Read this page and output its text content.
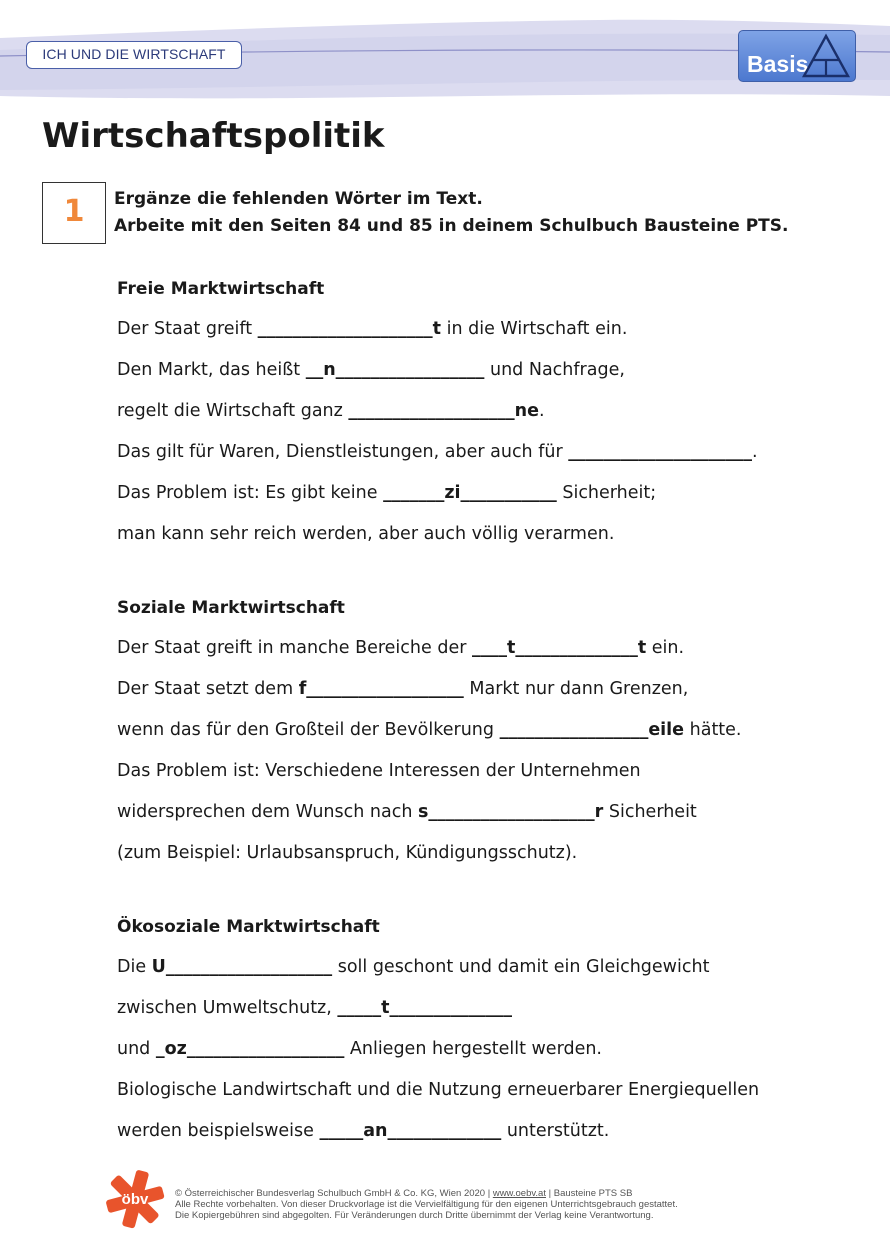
ICH UND DIE WIRTSCHAFT	Basis
Wirtschaftspolitik
1	Ergänze die fehlenden Wörter im Text.
Arbeite mit den Seiten 84 und 85 in deinem Schulbuch Bausteine PTS.
Freie Marktwirtschaft
Der Staat greift ____________________t in die Wirtschaft ein.
Den Markt, das heißt __n_________________ und Nachfrage,
regelt die Wirtschaft ganz ___________________ne.
Das gilt für Waren, Dienstleistungen, aber auch für _____________________.
Das Problem ist: Es gibt keine _______zi___________ Sicherheit;
man kann sehr reich werden, aber auch völlig verarmen.
Soziale Marktwirtschaft
Der Staat greift in manche Bereiche der ____t______________t ein.
Der Staat setzt dem f__________________ Markt nur dann Grenzen,
wenn das für den Großteil der Bevölkerung _________________eile hätte.
Das Problem ist: Verschiedene Interessen der Unternehmen
widersprechen dem Wunsch nach s___________________r Sicherheit
(zum Beispiel: Urlaubsanspruch, Kündigungsschutz).
Ökosoziale Marktwirtschaft
Die U___________________ soll geschont und damit ein Gleichgewicht
zwischen Umweltschutz, _____t______________
und _oz__________________ Anliegen hergestellt werden.
Biologische Landwirtschaft und die Nutzung erneuerbarer Energiequellen
werden beispielsweise _____an_____________ unterstützt.
öbv	© Österreichischer Bundesverlag Schulbuch GmbH & Co. KG, Wien 2020 | www.oebv.at | Bausteine PTS SB
Alle Rechte vorbehalten. Von dieser Druckvorlage ist die Vervielfältigung für den eigenen Unterrichtsgebrauch gestattet.
Die Kopiergebühren sind abgegolten. Für Veränderungen durch Dritte übernimmt der Verlag keine Verantwortung.
